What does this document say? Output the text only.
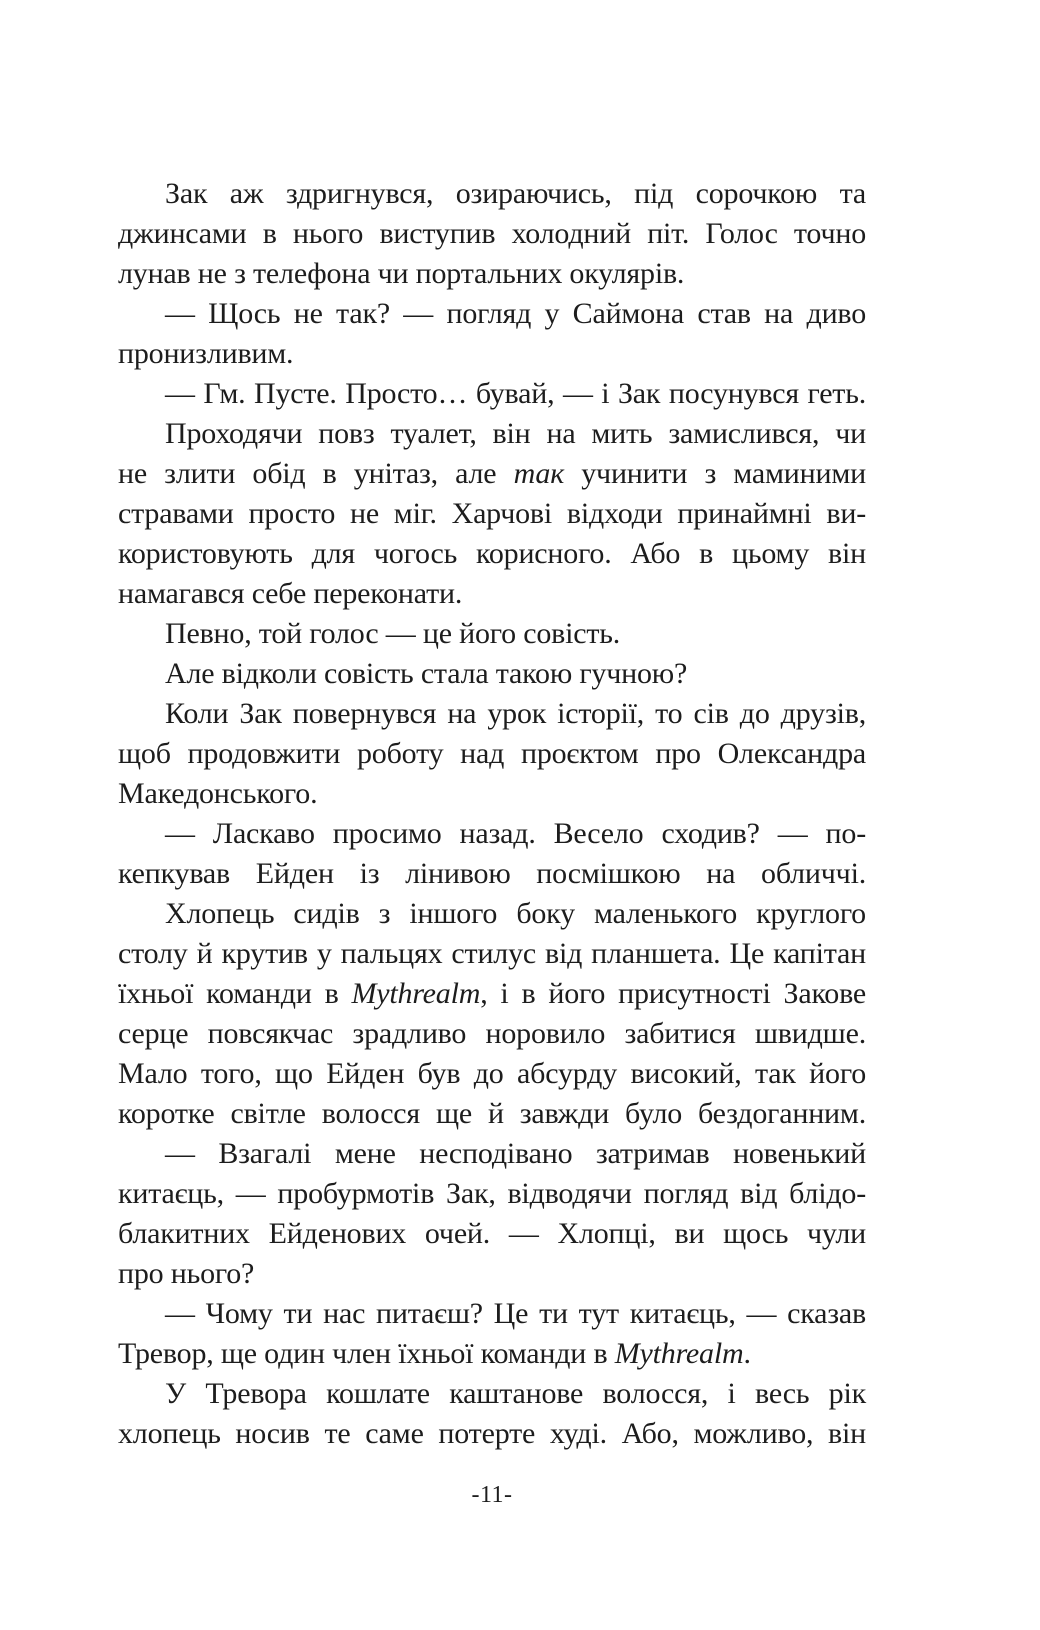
Зак аж здригнувся, озираючись, під сорочкою та
джинсами в нього виступив холодний піт. Голос точно
лунав не з телефона чи портальних окулярів.
— Щось не так? — погляд у Саймона став на диво
пронизливим.
— Гм. Пусте. Просто… бувай, — і Зак посунувся геть.
Проходячи повз туалет, він на мить замислився, чи
не злити обід в унітаз, але так учинити з маминими
стравами просто не міг. Харчові відходи принаймні ви-
користовують для чогось корисного. Або в цьому він
намагався себе переконати.
Певно, той голос — це його совість.
Але відколи совість стала такою гучною?
Коли Зак повернувся на урок історії, то сів до друзів,
щоб продовжити роботу над проєктом про Олександра
Македонського.
— Ласкаво просимо назад. Весело сходив? — по-
кепкував Ейден із лінивою посмішкою на обличчі.
Хлопець сидів з іншого боку маленького круглого
столу й крутив у пальцях стилус від планшета. Це капітан
їхньої команди в Mythrealm, і в його присутності Закове
серце повсякчас зрадливо норовило забитися швидше.
Мало того, що Ейден був до абсурду високий, так його
коротке світле волосся ще й завжди було бездоганним.
— Взагалі мене несподівано затримав новенький
китаєць, — пробурмотів Зак, відводячи погляд від блідо-
блакитних Ейденових очей. — Хлопці, ви щось чули
про нього?
— Чому ти нас питаєш? Це ти тут китаєць, — сказав
Тревор, ще один член їхньої команди в Mythrealm.
У Тревора кошлате каштанове волосся, і весь рік
хлопець носив те саме потерте худі. Або, можливо, він
-11-
